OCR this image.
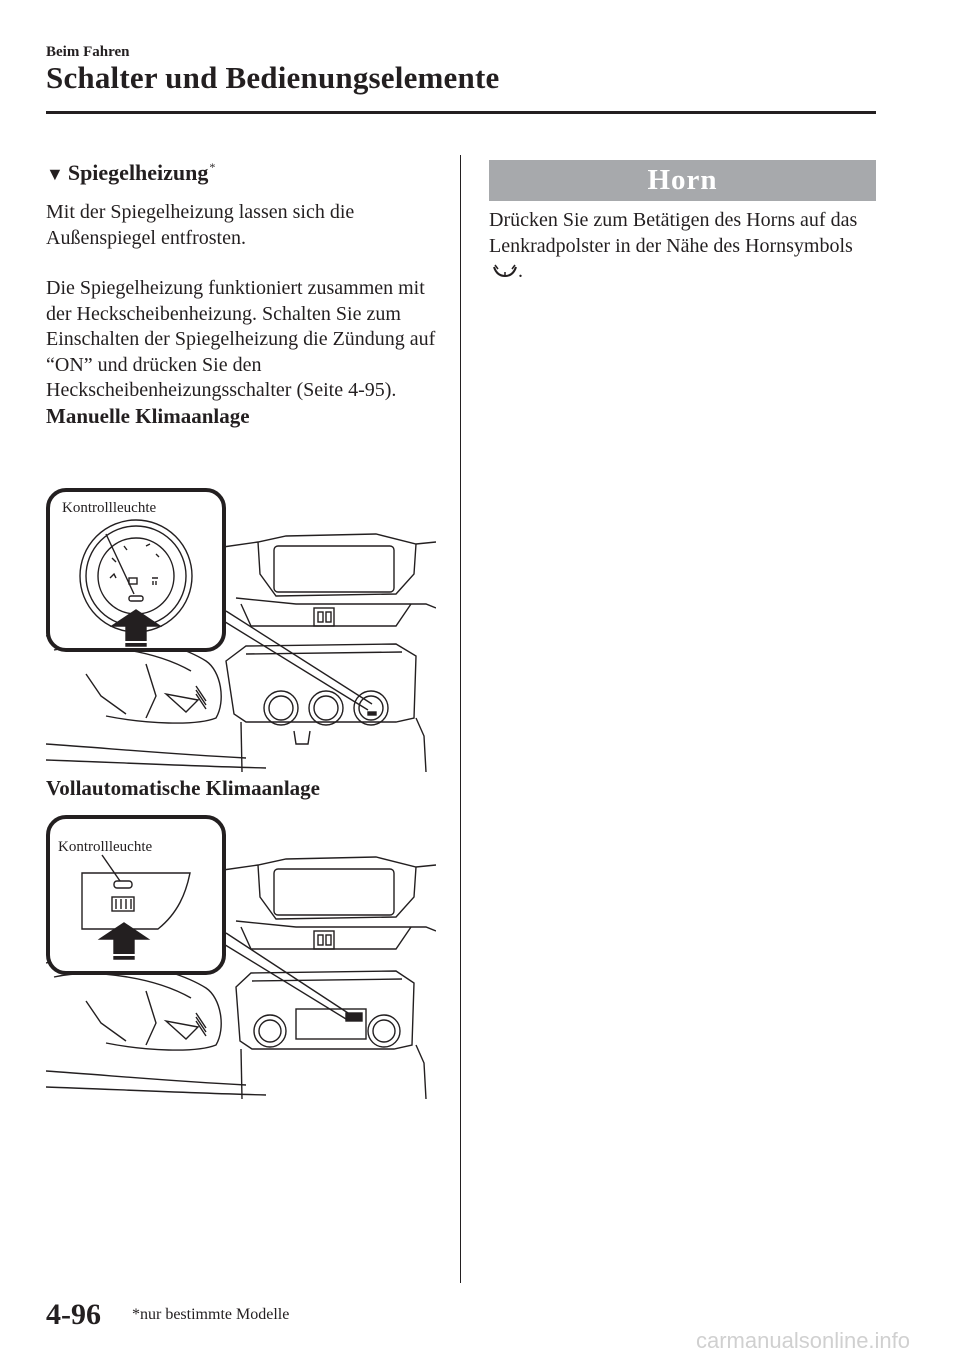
Beim Fahren
Schalter und Bedienungselemente
▼ Spiegelheizung*

Mit der Spiegelheizung lassen sich die Außenspiegel entfrosten.

Die Spiegelheizung funktioniert zusammen mit der Heckscheibenheizung. Schalten Sie zum Einschalten der Spiegelheizung die Zündung auf “ON” und drücken Sie den Heckscheibenheizungsschalter (Seite 4-95).

Manuelle Klimaanlage
Kontrollleuchte
Vollautomatische Klimaanlage
Kontrollleuchte
Horn

Drücken Sie zum Betätigen des Horns auf das Lenkradpolster in der Nähe des Hornsymbols .

4-96 *nur bestimmte Modelle
carmanualsonline.info
